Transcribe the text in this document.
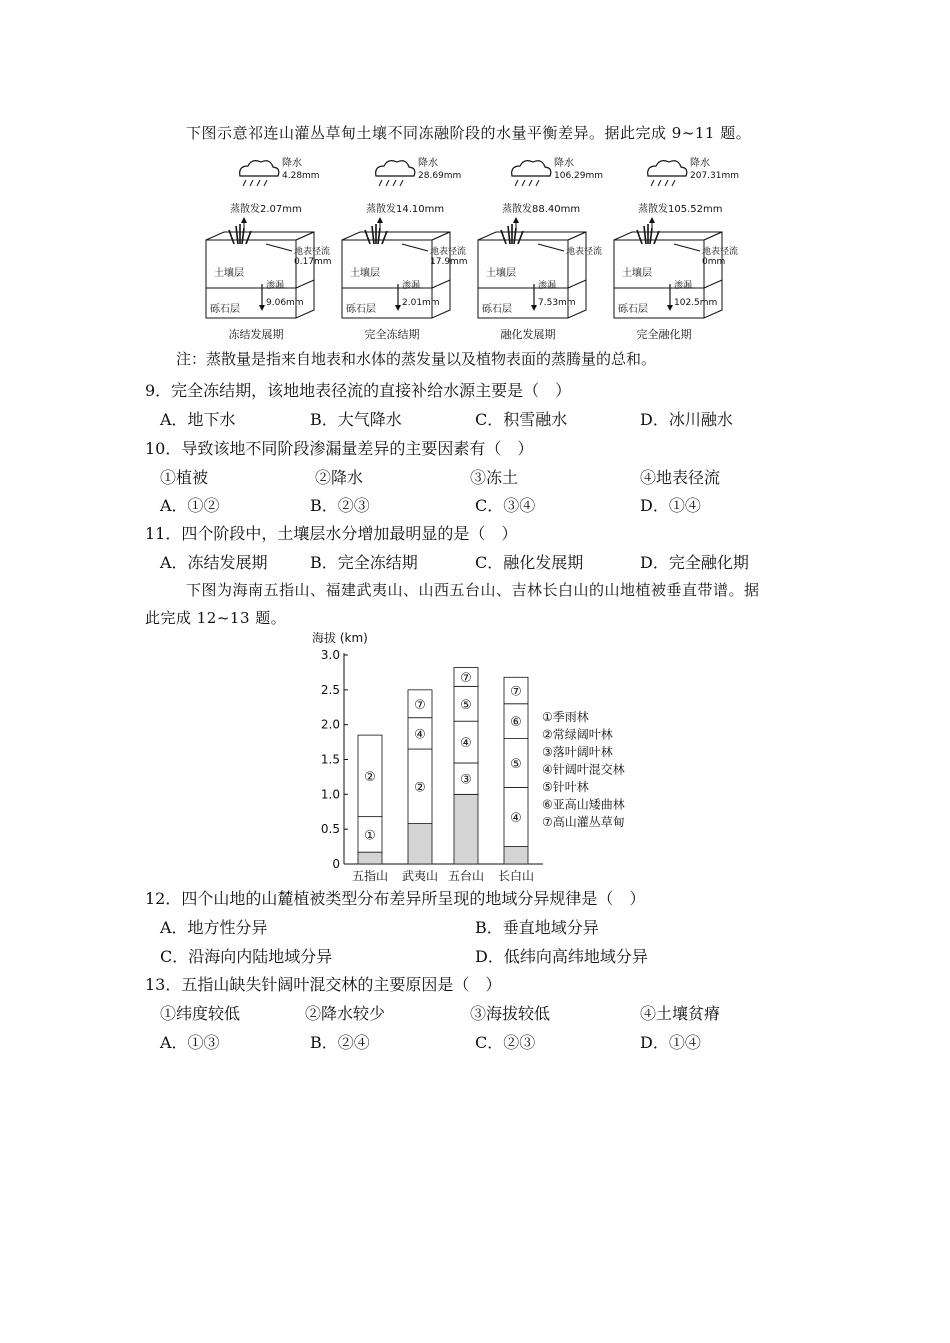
下图示意祁连山灌丛草甸土壤不同冻融阶段的水量平衡差异。据此完成 9~11 题。
降水
4.28mm
蒸散发2.07mm
地表径流
0.17mm
土壤层
砾石层
渗漏
9.06mm
冻结发展期
降水
28.69mm
蒸散发14.10mm
地表径流
17.9mm
土壤层
砾石层
渗漏
2.01mm
完全冻结期
降水
106.29mm
蒸散发88.40mm
地表径流
土壤层
砾石层
渗漏
7.53mm
融化发展期
降水
207.31mm
蒸散发105.52mm
地表径流
0mm
土壤层
砾石层
渗漏
102.5mm
完全融化期
注：蒸散量是指来自地表和水体的蒸发量以及植物表面的蒸腾量的总和。
9．完全冻结期，该地地表径流的直接补给水源主要是（　）
A．地下水	B．大气降水	C．积雪融水	D．冰川融水
10．导致该地不同阶段渗漏量差异的主要因素有（　）
①植被	②降水	③冻土	④地表径流
A．①②	B．②③	C．③④	D．①④
11．四个阶段中，土壤层水分增加最明显的是（　）
A．冻结发展期	B．完全冻结期	C．融化发展期	D．完全融化期
下图为海南五指山、福建武夷山、山西五台山、吉林长白山的山地植被垂直带谱。据
此完成 12~13 题。
海拔 (km)
3.0
2.5
2.0
1.5
1.0
0.5
0
①
②
五指山
②
④
⑦
武夷山
③
④
⑤
⑦
五台山
④
⑤
⑥
⑦
长白山
①季雨林
②常绿阔叶林
③落叶阔叶林
④针阔叶混交林
⑤针叶林
⑥亚高山矮曲林
⑦高山灌丛草甸
12．四个山地的山麓植被类型分布差异所呈现的地域分异规律是（　）
A．地方性分异	B．垂直地域分异
C．沿海向内陆地域分异	D．低纬向高纬地域分异
13．五指山缺失针阔叶混交林的主要原因是（　）
①纬度较低	②降水较少	③海拔较低	④土壤贫瘠
A．①③	B．②④	C．②③	D．①④
